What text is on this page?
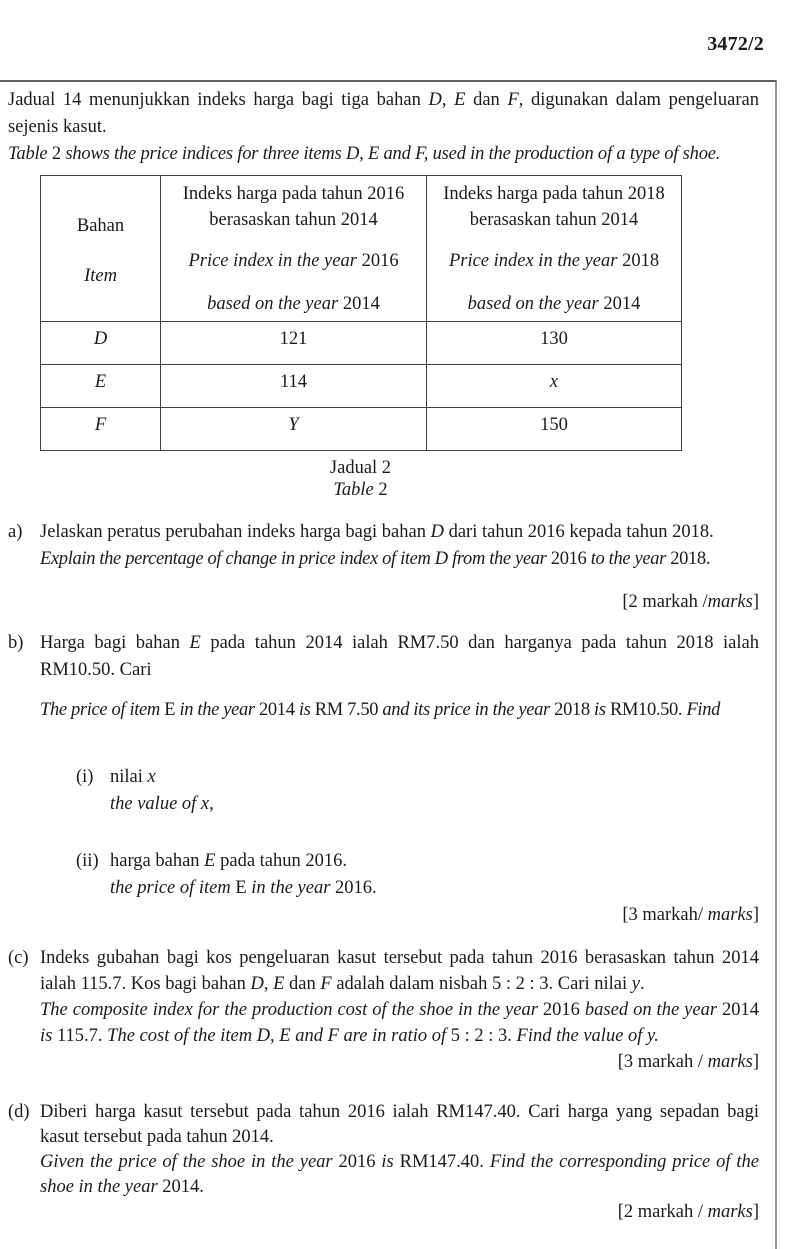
3472/2

Jadual 14 menunjukkan indeks harga bagi tiga bahan D, E dan F, digunakan dalam pengeluaran sejenis kasut.

Table 2 shows the price indices for three items D, E and F, used in the production of a type of shoe.

Bahan
Item

Indeks harga pada tahun 2016
berasaskan tahun 2014
Price index in the year 2016
based on the year 2014

Indeks harga pada tahun 2018
berasaskan tahun 2014
Price index in the year 2018
based on the year 2014

D	121	130
E	114	x
F	Y	150
Jadual 2
Table 2
a) Jelaskan peratus perubahan indeks harga bagi bahan D dari tahun 2016 kepada tahun 2018.
Explain the percentage of change in price index of item D from the year 2016 to the year 2018.
[2 markah /marks]
b) Harga bagi bahan E pada tahun 2014 ialah RM7.50 dan harganya pada tahun 2018 ialah RM10.50. Cari
The price of item E in the year 2014 is RM 7.50 and its price in the year 2018 is RM10.50. Find
(i) nilai x
the value of x,
(ii) harga bahan E pada tahun 2016.
the price of item E in the year 2016.
[3 markah/ marks]
(c) Indeks gubahan bagi kos pengeluaran kasut tersebut pada tahun 2016 berasaskan tahun 2014 ialah 115.7. Kos bagi bahan D, E dan F adalah dalam nisbah 5 : 2 : 3. Cari nilai y.
The composite index for the production cost of the shoe in the year 2016 based on the year 2014 is 115.7. The cost of the item D, E and F are in ratio of 5 : 2 : 3. Find the value of y.
[3 markah / marks]
(d) Diberi harga kasut tersebut pada tahun 2016 ialah RM147.40. Cari harga yang sepadan bagi kasut tersebut pada tahun 2014.
Given the price of the shoe in the year 2016 is RM147.40. Find the corresponding price of the shoe in the year 2014.
[2 markah / marks]
